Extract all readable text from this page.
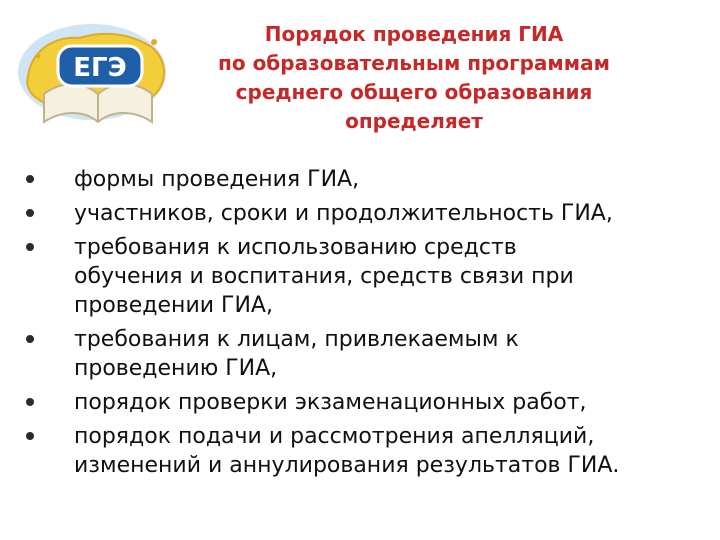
ЕГЭ
Порядок проведения ГИА
по образовательным программам
среднего общего образования
определяет
формы проведения ГИА,
участников, сроки и продолжительность ГИА,
требования к использованию средств
обучения и воспитания, средств связи при
проведении ГИА,
требования к лицам, привлекаемым к
проведению ГИА,
порядок проверки экзаменационных работ,
порядок подачи и рассмотрения апелляций,
изменений и аннулирования результатов ГИА.
